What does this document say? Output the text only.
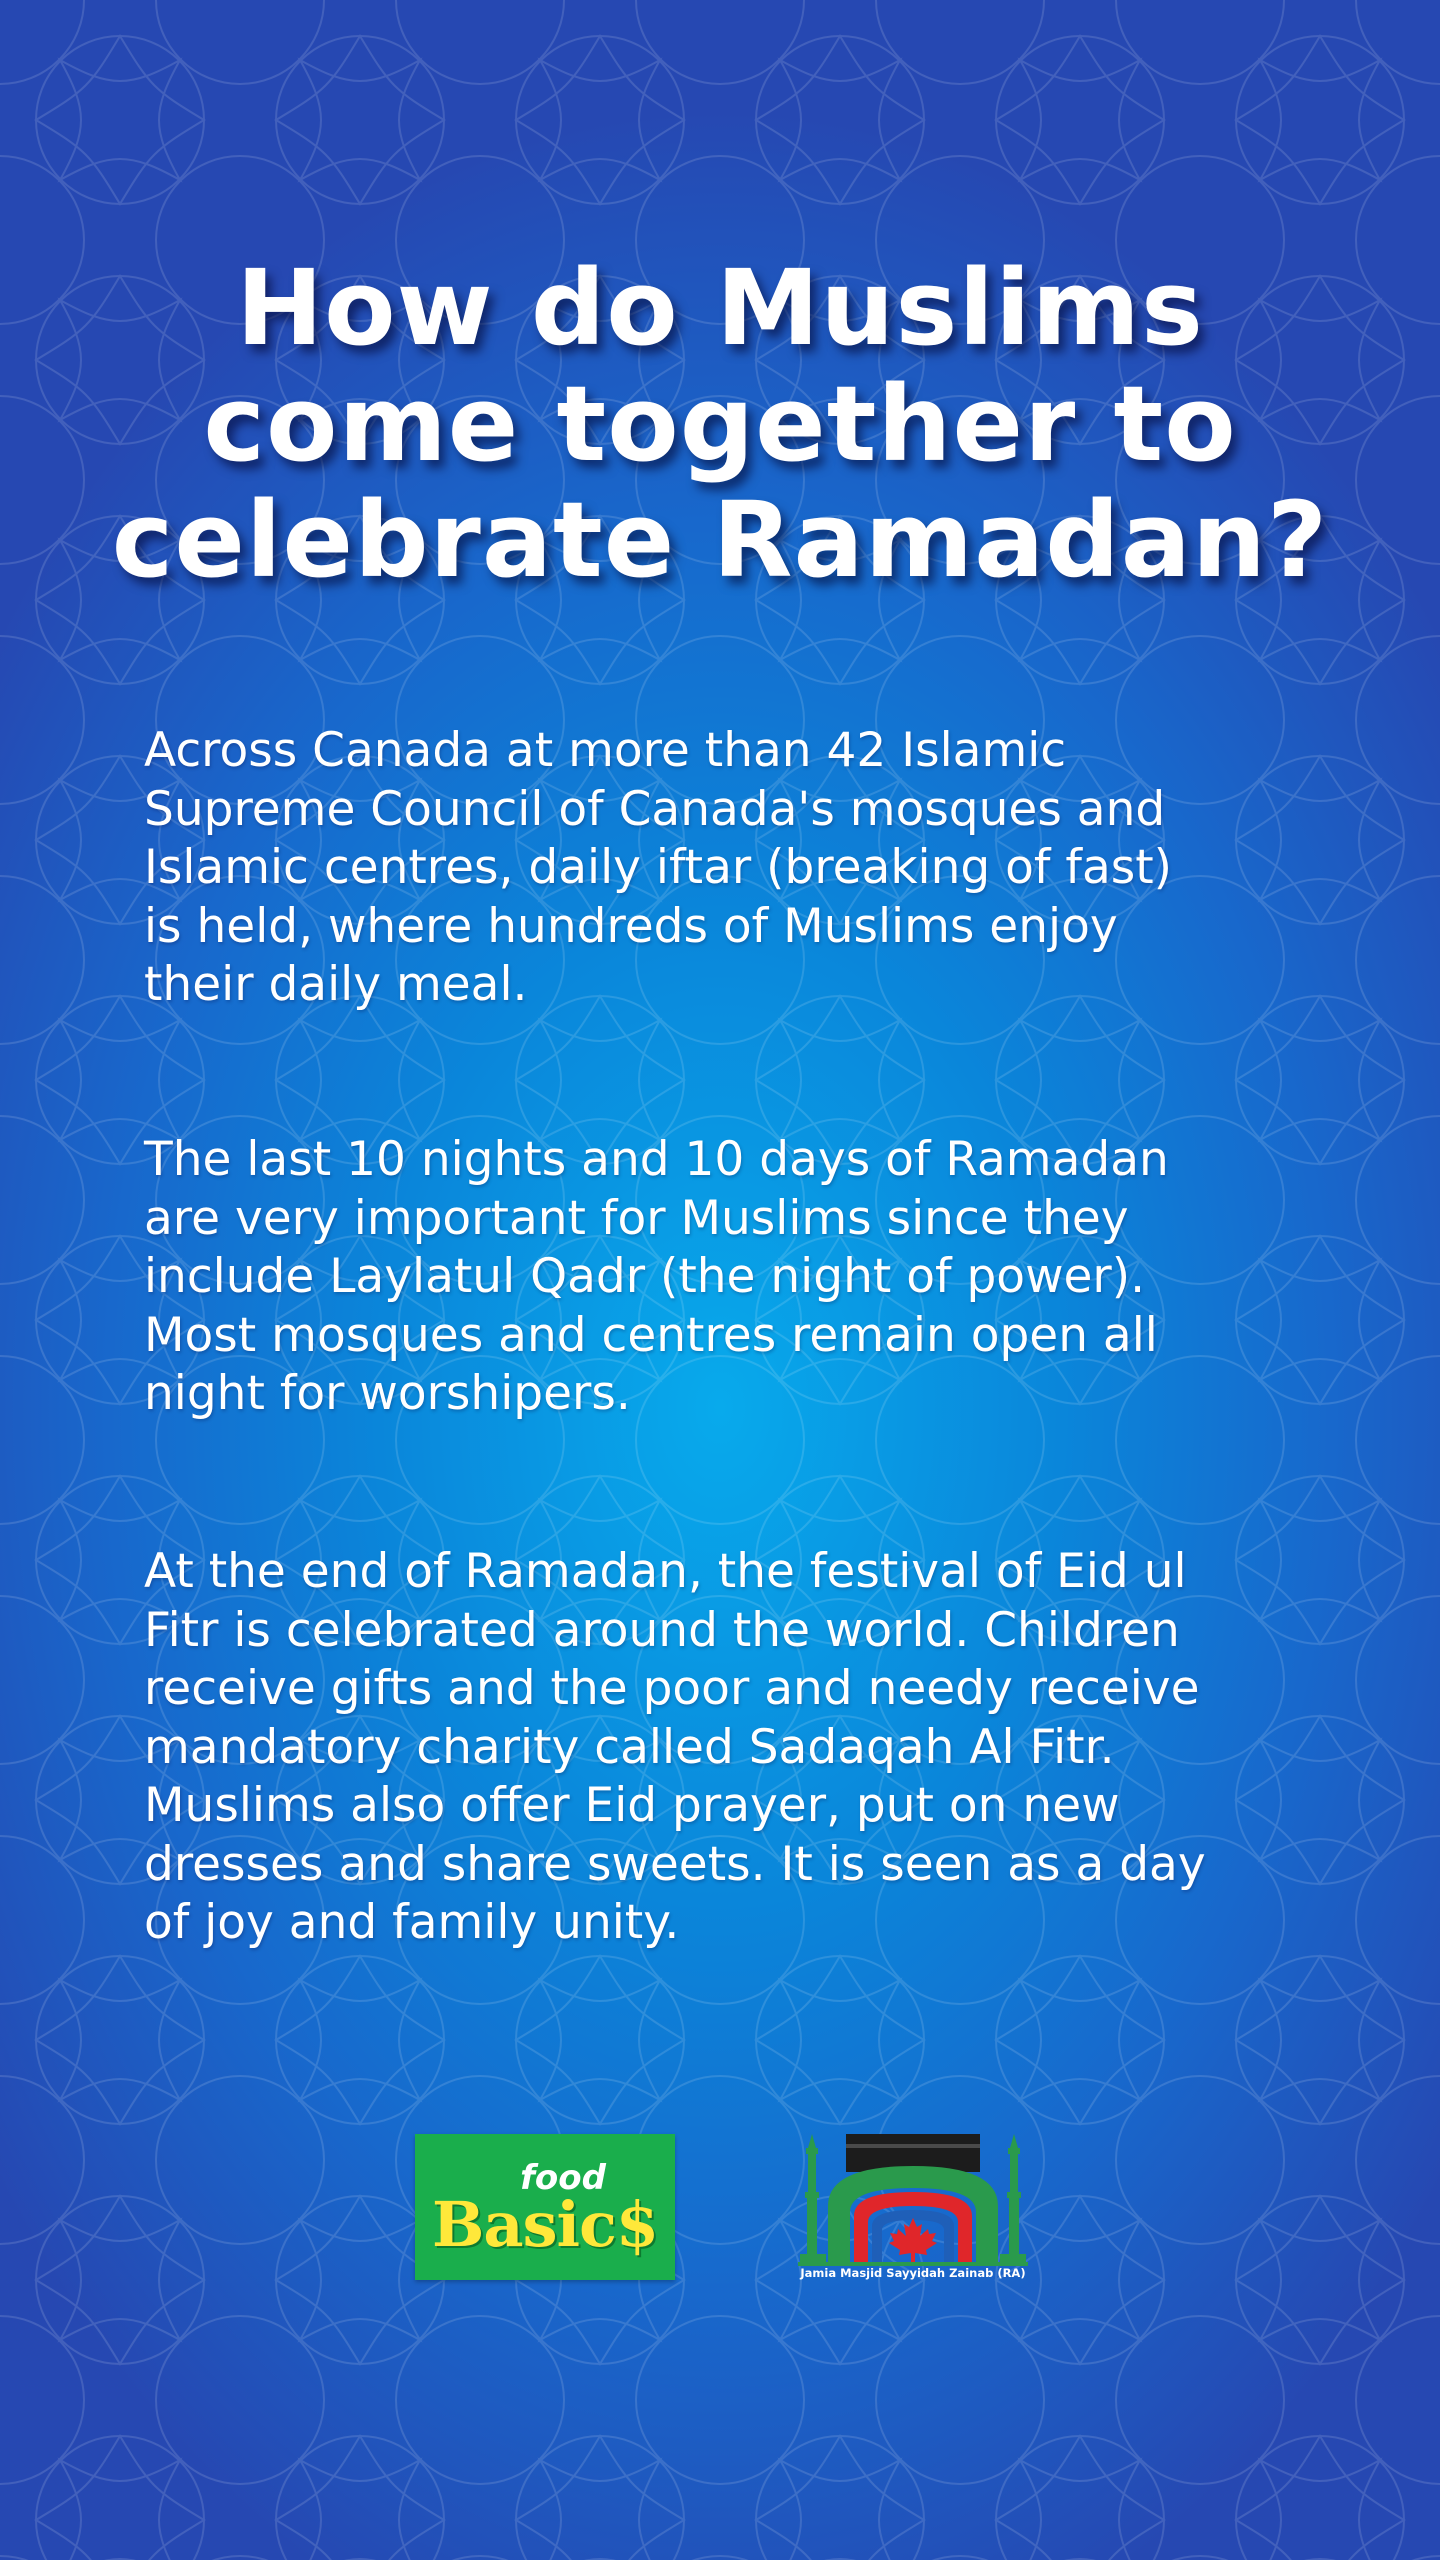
How do Muslims
come together to
celebrate Ramadan?

Across Canada at more than 42 Islamic
Supreme Council of Canada's mosques and
Islamic centres, daily iftar (breaking of fast)
is held, where hundreds of Muslims enjoy
their daily meal.

The last 10 nights and 10 days of Ramadan
are very important for Muslims since they
include Laylatul Qadr (the night of power).
Most mosques and centres remain open all
night for worshipers.

At the end of Ramadan, the festival of Eid ul
Fitr is celebrated around the world. Children
receive gifts and the poor and needy receive
mandatory charity called Sadaqah Al Fitr.
Muslims also offer Eid prayer, put on new
dresses and share sweets. It is seen as a day
of joy and family unity.

food
Basic$
Jamia Masjid Sayyidah Zainab (RA)
